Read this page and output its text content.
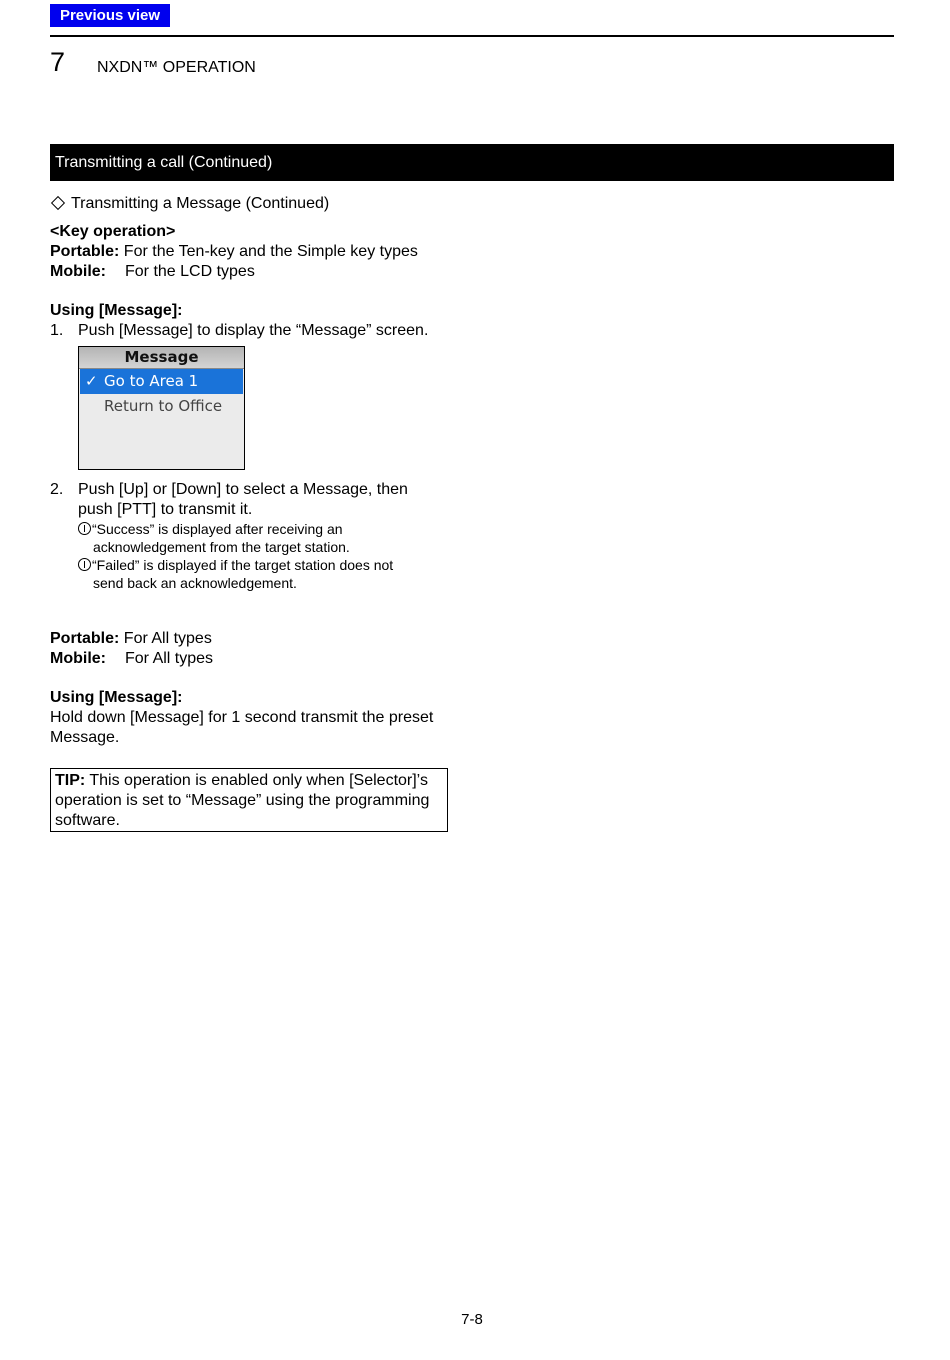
Previous view
7 NXDN™ OPERATION
Transmitting a call (Continued)
Transmitting a Message (Continued)
<Key operation>
Portable: For the Ten-key and the Simple key types
Mobile: For the LCD types
Using [Message]:
1. Push [Message] to display the “Message” screen.
Message
✓ Go to Area 1
Return to Office
2. Push [Up] or [Down] to select a Message, then
push [PTT] to transmit it.
“Success” is displayed after receiving an
acknowledgement from the target station.
“Failed” is displayed if the target station does not
send back an acknowledgement.
Portable: For All types
Mobile: For All types
Using [Message]:
Hold down [Message] for 1 second transmit the preset
Message.
TIP: This operation is enabled only when [Selector]’s
operation is set to “Message” using the programming
software.
7-8
